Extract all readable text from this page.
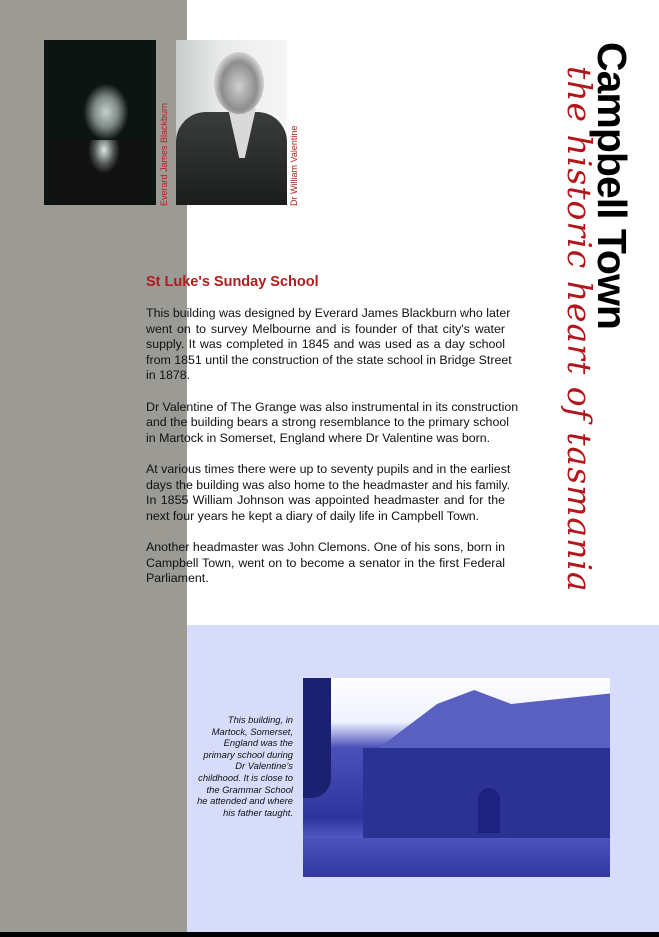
Everard James Blackburn	Dr William Valentine	Campbell Town
the historic heart of tasmania
St Luke's Sunday School
This building was designed by Everard James Blackburn who later
went on to survey Melbourne and is founder of that city's water
supply. It was completed in 1845 and was used as a day school
from 1851 until the construction of the state school in Bridge Street
in 1878.
Dr Valentine of The Grange was also instrumental in its construction
and the building bears a strong resemblance to the primary school
in Martock in Somerset, England where Dr Valentine was born.
At various times there were up to seventy pupils and in the earliest
days the building was also home to the headmaster and his family.
In 1855 William Johnson was appointed headmaster and for the
next four years he kept a diary of daily life in Campbell Town.
Another headmaster was John Clemons. One of his sons, born in
Campbell Town, went on to become a senator in the first Federal
Parliament.
This building, in
Martock, Somerset,
England was the
primary school during
Dr Valentine's
childhood. It is close to
the Grammar School
he attended and where
his father taught.
